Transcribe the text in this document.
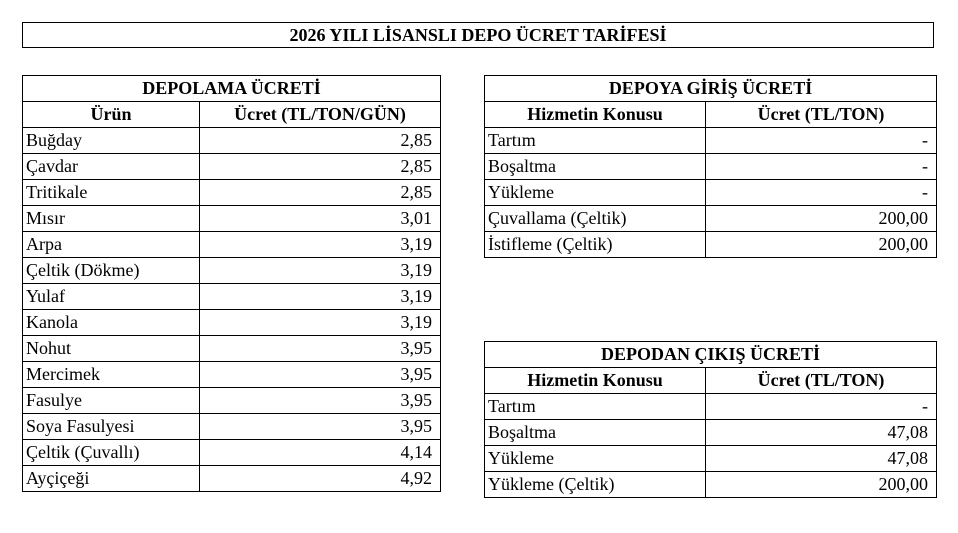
2026 YILI LİSANSLI DEPO ÜCRET TARİFESİ
DEPOLAMA ÜCRETİ	
Ürün	Ücret (TL/TON/GÜN)
Buğday	2,85
Çavdar	2,85
Tritikale	2,85
Mısır	3,01
Arpa	3,19
Çeltik (Dökme)	3,19
Yulaf	3,19
Kanola	3,19
Nohut	3,95
Mercimek	3,95
Fasulye	3,95
Soya Fasulyesi	3,95
Çeltik (Çuvallı)	4,14
Ayçiçeği	4,92
DEPOYA GİRİŞ ÜCRETİ	
Hizmetin Konusu	Ücret (TL/TON)
Tartım	-
Boşaltma	-
Yükleme	-
Çuvallama (Çeltik)	200,00
İstifleme (Çeltik)	200,00
DEPODAN ÇIKIŞ ÜCRETİ	
Hizmetin Konusu	Ücret (TL/TON)
Tartım	-
Boşaltma	47,08
Yükleme	47,08
Yükleme (Çeltik)	200,00
